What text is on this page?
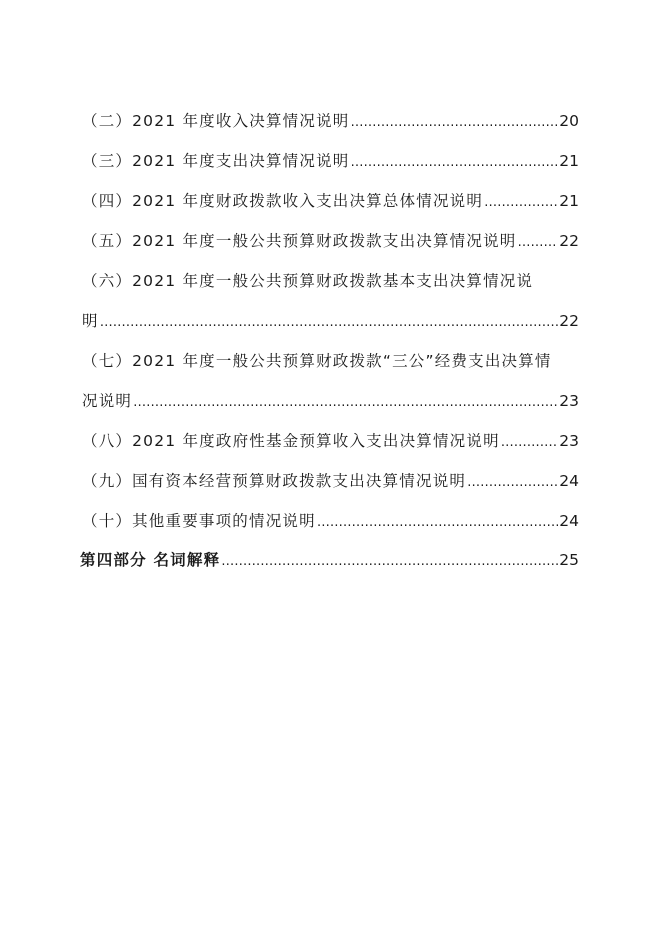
（二）2021 年度收入决算情况说明 …………………………………………………………………………………………………………………………………………………………………………………………	20
（三）2021 年度支出决算情况说明 …………………………………………………………………………………………………………………………………………………………………………………………	21
（四）2021 年度财政拨款收入支出决算总体情况说明 …………………………………………………………………………………………………………………………………………………………………………………………	21
（五）2021 年度一般公共预算财政拨款支出决算情况说明 …………………………………………………………………………………………………………………………………………………………………………………………	22
（六）2021 年度一般公共预算财政拨款基本支出决算情况说
明 …………………………………………………………………………………………………………………………………………………………………………………………	22
（七）2021 年度一般公共预算财政拨款“三公”经费支出决算情
况说明 …………………………………………………………………………………………………………………………………………………………………………………………	23
（八）2021 年度政府性基金预算收入支出决算情况说明 …………………………………………………………………………………………………………………………………………………………………………………………	23
（九）国有资本经营预算财政拨款支出决算情况说明 …………………………………………………………………………………………………………………………………………………………………………………………	24
（十）其他重要事项的情况说明 …………………………………………………………………………………………………………………………………………………………………………………………	24
第四部分 名词解释 …………………………………………………………………………………………………………………………………………………………………………………………	25
